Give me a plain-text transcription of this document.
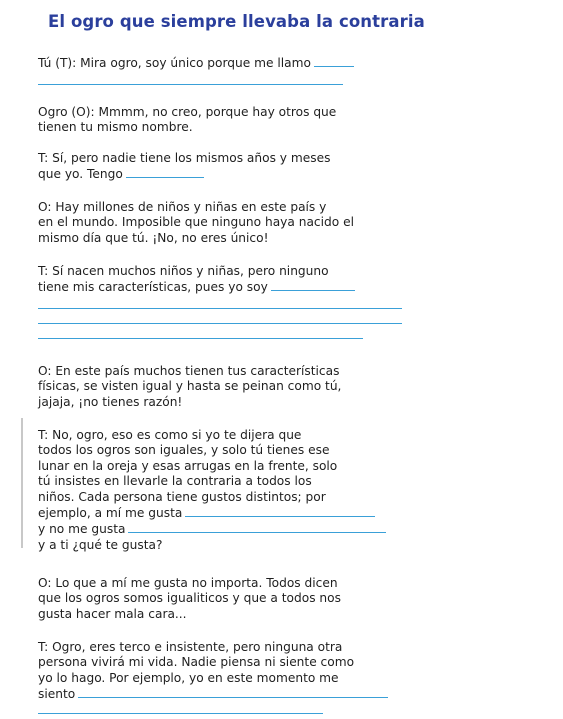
El ogro que siempre llevaba la contraria
Tú (T): Mira ogro, soy único porque me llamo
Ogro (O): Mmmm, no creo, porque hay otros que
tienen tu mismo nombre.
T: Sí, pero nadie tiene los mismos años y meses
que yo. Tengo
O: Hay millones de niños y niñas en este país y
en el mundo. Imposible que ninguno haya nacido el
mismo día que tú. ¡No, no eres único!
T: Sí nacen muchos niños y niñas, pero ninguno
tiene mis características, pues yo soy
O: En este país muchos tienen tus características
físicas, se visten igual y hasta se peinan como tú,
jajaja, ¡no tienes razón!
T: No, ogro, eso es como si yo te dijera que
todos los ogros son iguales, y solo tú tienes ese
lunar en la oreja y esas arrugas en la frente, solo
tú insistes en llevarle la contraria a todos los
niños. Cada persona tiene gustos distintos; por
ejemplo, a mí me gusta
y no me gusta
y a ti ¿qué te gusta?
O: Lo que a mí me gusta no importa. Todos dicen
que los ogros somos igualiticos y que a todos nos
gusta hacer mala cara...
T: Ogro, eres terco e insistente, pero ninguna otra
persona vivirá mi vida. Nadie piensa ni siente como
yo lo hago. Por ejemplo, yo en este momento me
siento
